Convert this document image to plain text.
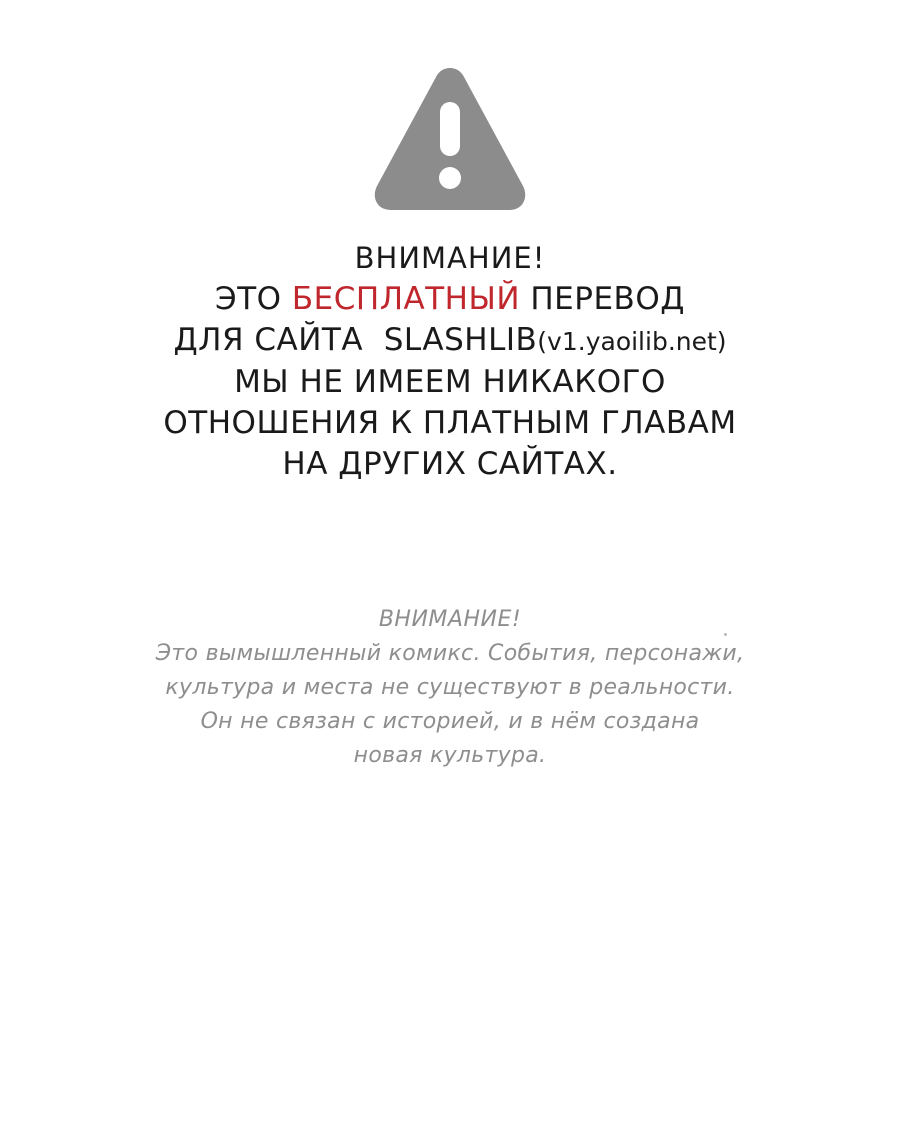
ВНИМАНИЕ!
ЭТО БЕСПЛАТНЫЙ ПЕРЕВОД
ДЛЯ САЙТА  SLASHLIB(v1.yaoilib.net)
МЫ НЕ ИМЕЕМ НИКАКОГО
ОТНОШЕНИЯ К ПЛАТНЫМ ГЛАВАМ
НА ДРУГИХ САЙТАХ.
ВНИМАНИЕ!
Это вымышленный комикс. События, персонажи,
культура и места не существуют в реальности.
Он не связан с историей, и в нём создана
новая культура.
